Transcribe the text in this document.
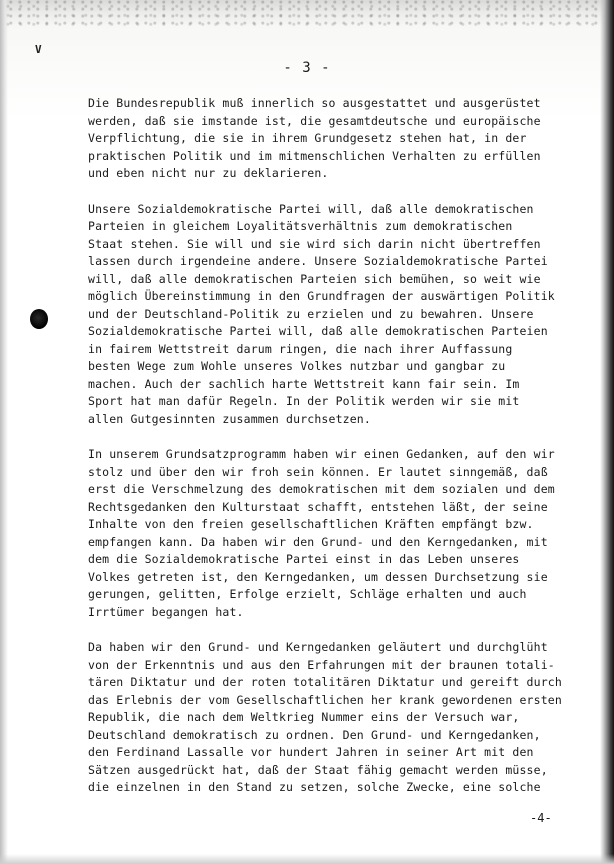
V
- 3 -
Die Bundesrepublik muß innerlich so ausgestattet und ausgerüstet
werden, daß sie imstande ist, die gesamtdeutsche und europäische
Verpflichtung, die sie in ihrem Grundgesetz stehen hat, in der
praktischen Politik und im mitmenschlichen Verhalten zu erfüllen
und eben nicht nur zu deklarieren.
Unsere Sozialdemokratische Partei will, daß alle demokratischen
Parteien in gleichem Loyalitätsverhältnis zum demokratischen
Staat stehen. Sie will und sie wird sich darin nicht übertreffen
lassen durch irgendeine andere. Unsere Sozialdemokratische Partei
will, daß alle demokratischen Parteien sich bemühen, so weit wie
möglich Übereinstimmung in den Grundfragen der auswärtigen Politik
und der Deutschland-Politik zu erzielen und zu bewahren. Unsere
Sozialdemokratische Partei will, daß alle demokratischen Parteien
in fairem Wettstreit darum ringen, die nach ihrer Auffassung
besten Wege zum Wohle unseres Volkes nutzbar und gangbar zu
machen. Auch der sachlich harte Wettstreit kann fair sein. Im
Sport hat man dafür Regeln. In der Politik werden wir sie mit
allen Gutgesinnten zusammen durchsetzen.
In unserem Grundsatzprogramm haben wir einen Gedanken, auf den wir
stolz und über den wir froh sein können. Er lautet sinngemäß, daß
erst die Verschmelzung des demokratischen mit dem sozialen und dem
Rechtsgedanken den Kulturstaat schafft, entstehen läßt, der seine
Inhalte von den freien gesellschaftlichen Kräften empfängt bzw.
empfangen kann. Da haben wir den Grund- und den Kerngedanken, mit
dem die Sozialdemokratische Partei einst in das Leben unseres
Volkes getreten ist, den Kerngedanken, um dessen Durchsetzung sie
gerungen, gelitten, Erfolge erzielt, Schläge erhalten und auch
Irrtümer begangen hat.
Da haben wir den Grund- und Kerngedanken geläutert und durchglüht
von der Erkenntnis und aus den Erfahrungen mit der braunen totali-
tären Diktatur und der roten totalitären Diktatur und gereift durch
das Erlebnis der vom Gesellschaftlichen her krank gewordenen ersten
Republik, die nach dem Weltkrieg Nummer eins der Versuch war,
Deutschland demokratisch zu ordnen. Den Grund- und Kerngedanken,
den Ferdinand Lassalle vor hundert Jahren in seiner Art mit den
Sätzen ausgedrückt hat, daß der Staat fähig gemacht werden müsse,
die einzelnen in den Stand zu setzen, solche Zwecke, eine solche
-4-
